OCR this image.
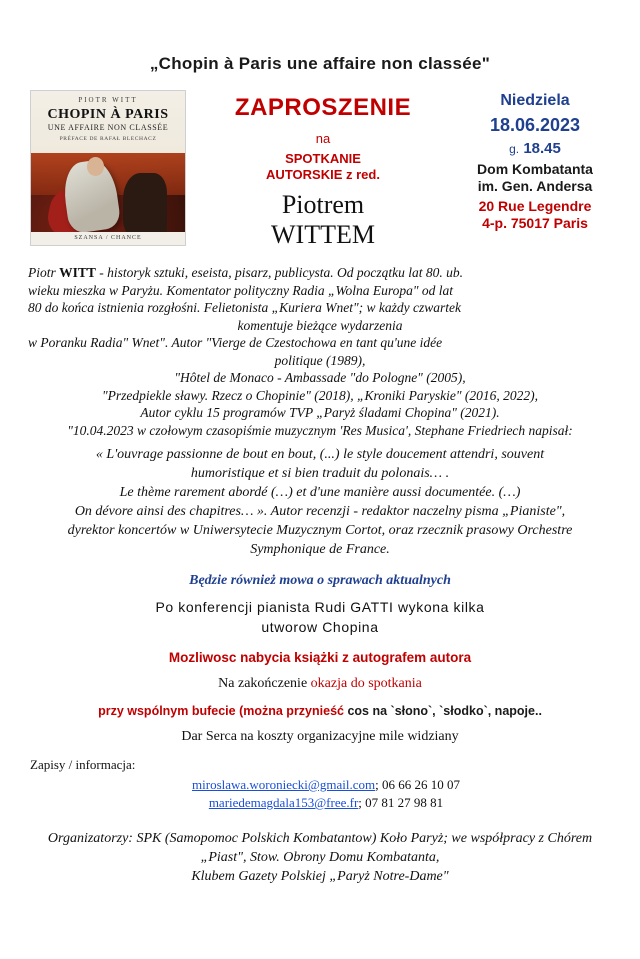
„Chopin à Paris une affaire non classée"
PIOTR WITT
CHOPIN À PARIS
UNE AFFAIRE NON CLASSÉE
PRÉFACE DE RAFAŁ BLECHACZ
SZANSA / CHANCE
ZAPROSZENIE
na
SPOTKANIE
AUTORSKIE z red.
Piotrem
WITTEM
Niedziela
18.06.2023
g. 18.45
Dom Kombatanta
im. Gen. Andersa
20 Rue Legendre
4-p. 75017 Paris
Piotr WITT - historyk sztuki, eseista, pisarz, publicysta. Od początku lat 80. ub.
wieku mieszka w Paryżu. Komentator polityczny Radia „Wolna Europa" od lat
80 do końca istnienia rozgłośni. Felietonista „Kuriera Wnet"; w każdy czwartek
komentuje bieżące wydarzenia
w Poranku Radia" Wnet". Autor "Vierge de Czestochowa en tant qu'une idée
politique (1989),
"Hôtel de Monaco - Ambassade "do Pologne" (2005),
"Przedpiekle sławy. Rzecz o Chopinie" (2018), „Kroniki Paryskie" (2016, 2022),
Autor cyklu 15 programów TVP „Paryż śladami Chopina" (2021).
"10.04.2023 w czołowym czasopiśmie muzycznym 'Res Musica', Stephane Friedriech napisał:
« L'ouvrage passionne de bout en bout, (...) le style doucement attendri, souvent
humoristique et si bien traduit du polonais… .
Le thème rarement abordé (…) et d'une manière aussi documentée. (…)
On dévore ainsi des chapitres… ». Autor recenzji - redaktor naczelny pisma „Pianiste",
dyrektor koncertów w Uniwersytecie Muzycznym Cortot, oraz rzecznik prasowy Orchestre
Symphonique de France.
Będzie również mowa o sprawach aktualnych
Po konferencji pianista Rudi GATTI wykona kilka
utworow Chopina
Mozliwosc nabycia książki z autografem autora
Na zakończenie okazja do spotkania
przy wspólnym bufecie (można przynieść cos na `słono`, `słodko`, napoje..
Dar Serca na koszty organizacyjne mile widziany
Zapisy / informacja:
miroslawa.woroniecki@gmail.com; 06 66 26 10 07
mariedemagdala153@free.fr; 07 81 27 98 81
Organizatorzy: SPK (Samopomoc Polskich Kombatantow) Koło Paryż; we współpracy z Chórem
„Piast", Stow. Obrony Domu Kombatanta,
Klubem Gazety Polskiej „Paryż Notre-Dame"
